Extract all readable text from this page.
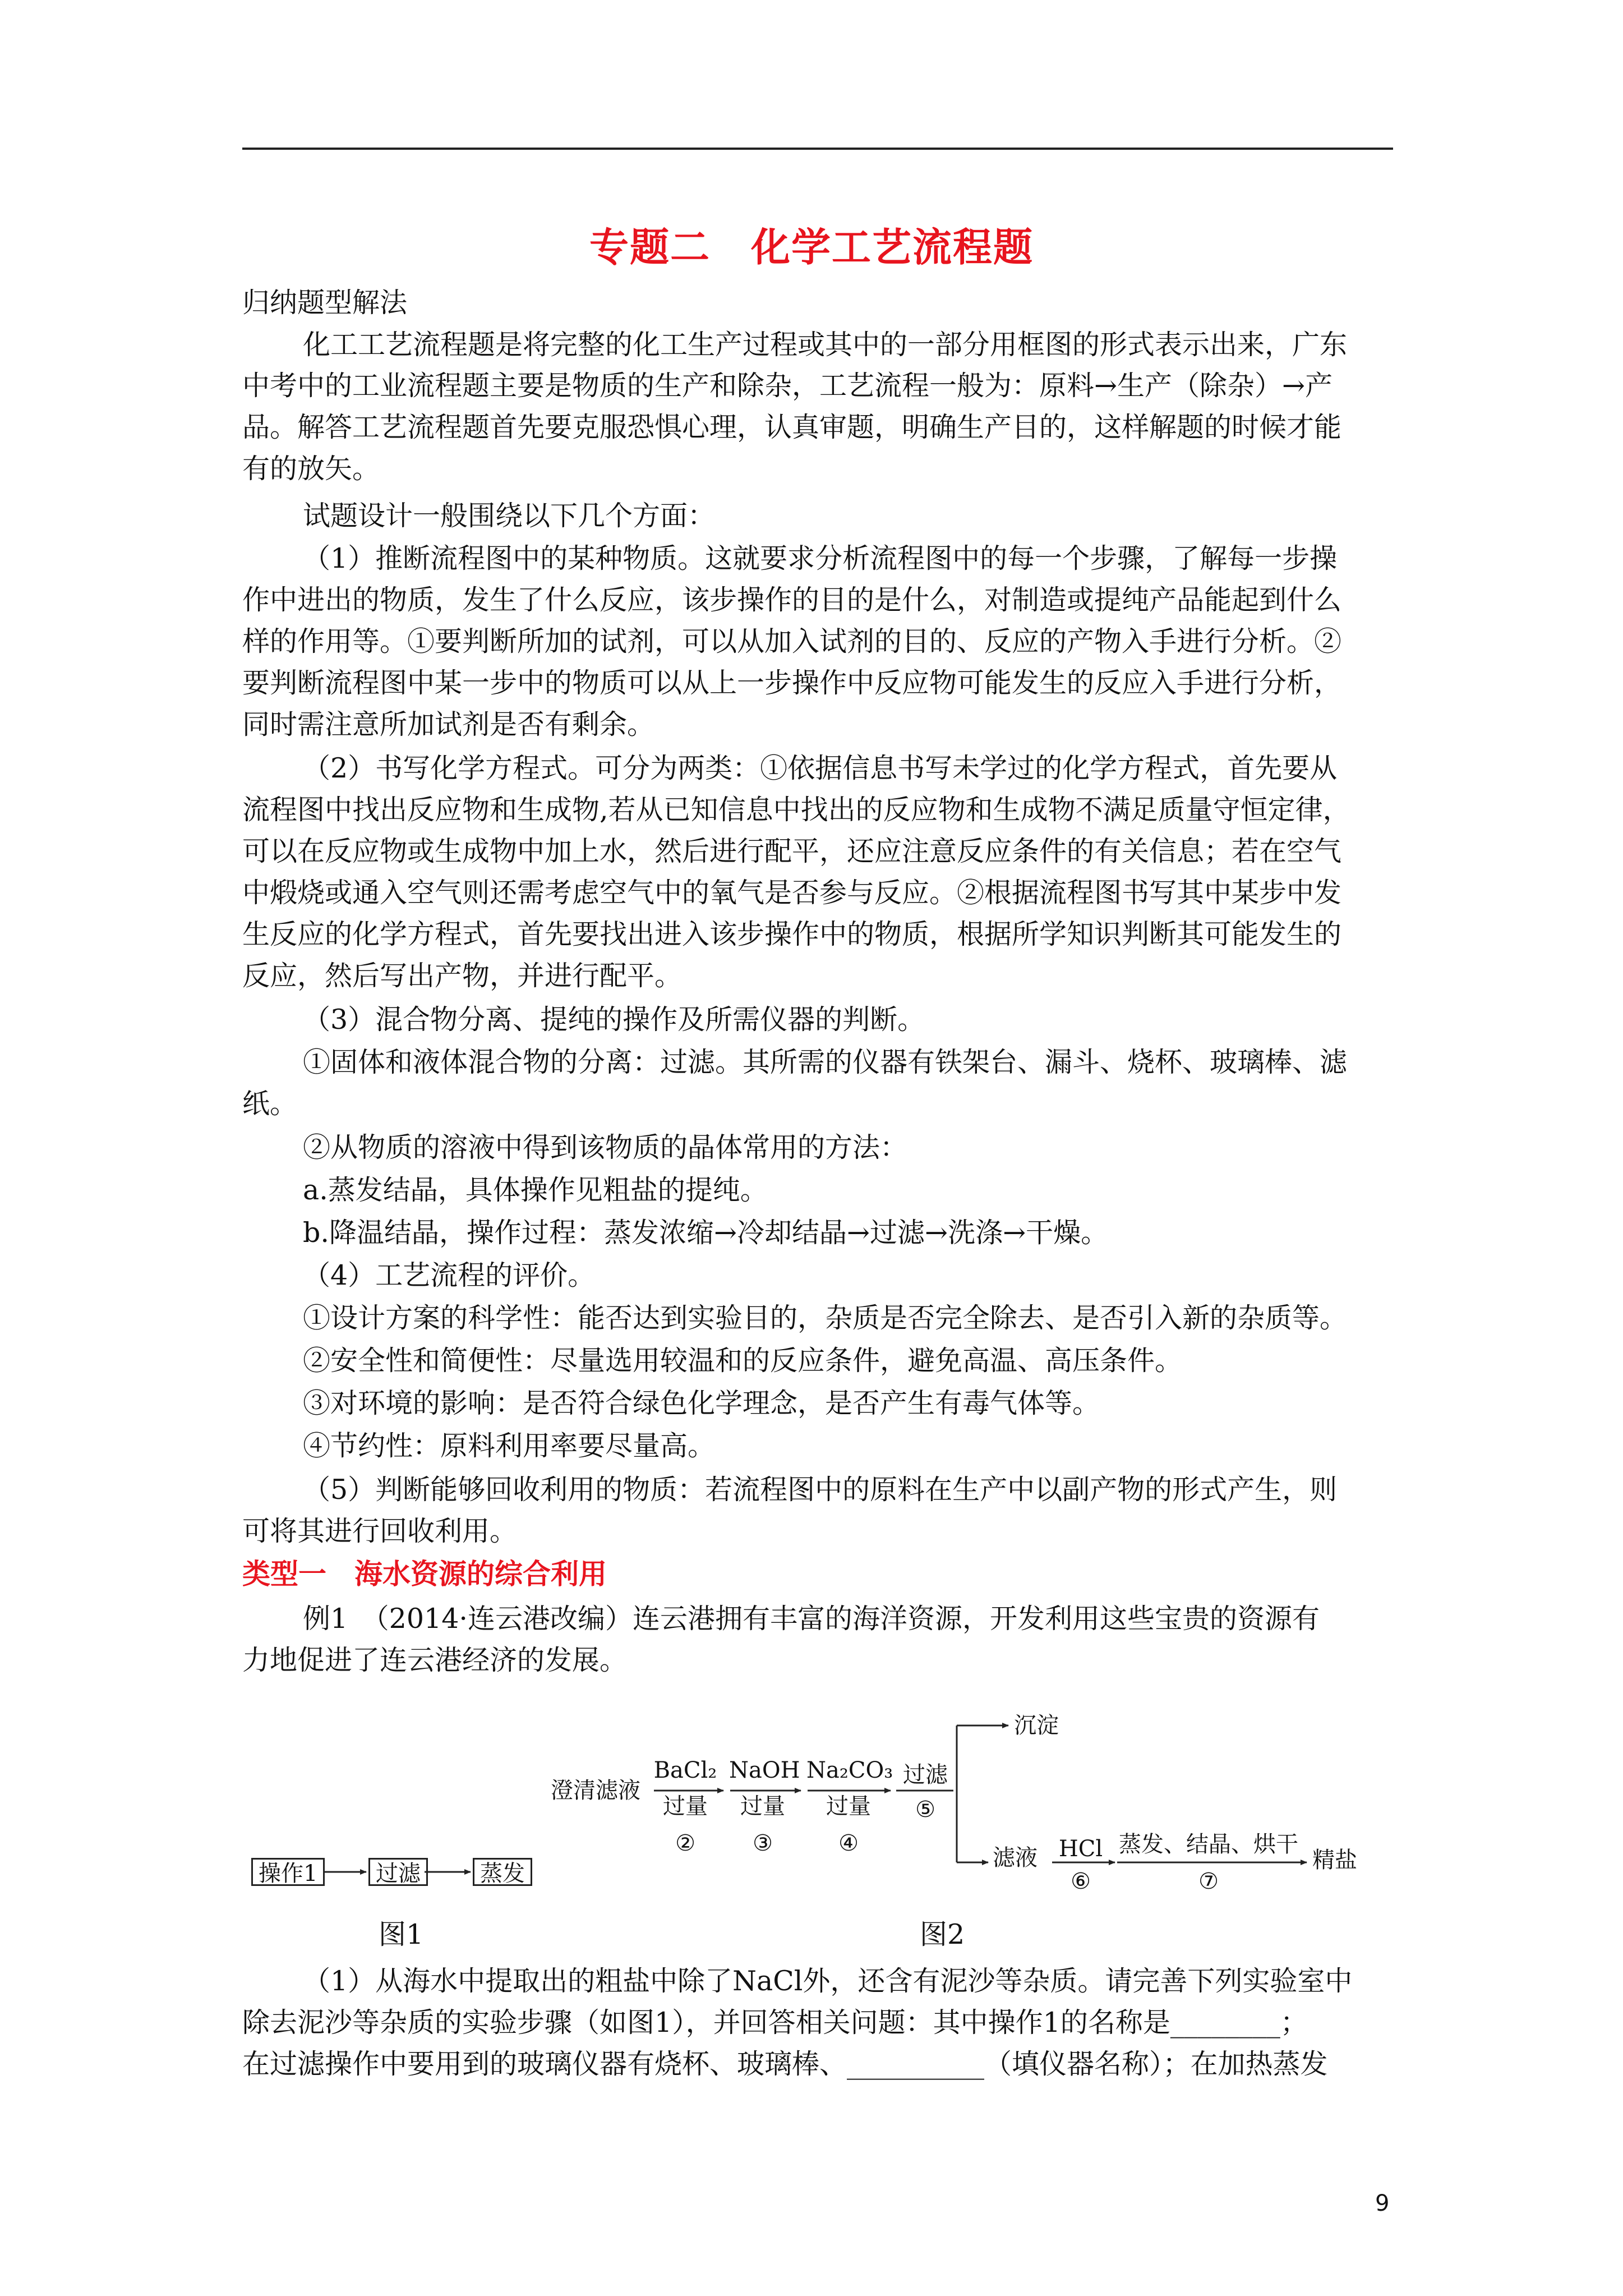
专题二　化学工艺流程题
归纳题型解法
化工工艺流程题是将完整的化工生产过程或其中的一部分用框图的形式表示出来，广东
中考中的工业流程题主要是物质的生产和除杂，工艺流程一般为：原料→生产（除杂）→产
品。解答工艺流程题首先要克服恐惧心理，认真审题，明确生产目的，这样解题的时候才能
有的放矢。
试题设计一般围绕以下几个方面：
（1）推断流程图中的某种物质。这就要求分析流程图中的每一个步骤，了解每一步操
作中进出的物质，发生了什么反应，该步操作的目的是什么，对制造或提纯产品能起到什么
样的作用等。①要判断所加的试剂，可以从加入试剂的目的、反应的产物入手进行分析。②
要判断流程图中某一步中的物质可以从上一步操作中反应物可能发生的反应入手进行分析，
同时需注意所加试剂是否有剩余。
（2）书写化学方程式。可分为两类：①依据信息书写未学过的化学方程式，首先要从
流程图中找出反应物和生成物,若从已知信息中找出的反应物和生成物不满足质量守恒定律，
可以在反应物或生成物中加上水，然后进行配平，还应注意反应条件的有关信息；若在空气
中煅烧或通入空气则还需考虑空气中的氧气是否参与反应。②根据流程图书写其中某步中发
生反应的化学方程式，首先要找出进入该步操作中的物质，根据所学知识判断其可能发生的
反应，然后写出产物，并进行配平。
（3）混合物分离、提纯的操作及所需仪器的判断。
①固体和液体混合物的分离：过滤。其所需的仪器有铁架台、漏斗、烧杯、玻璃棒、滤
纸。
②从物质的溶液中得到该物质的晶体常用的方法：
a.蒸发结晶，具体操作见粗盐的提纯。
b.降温结晶，操作过程：蒸发浓缩→冷却结晶→过滤→洗涤→干燥。
（4）工艺流程的评价。
①设计方案的科学性：能否达到实验目的，杂质是否完全除去、是否引入新的杂质等。
②安全性和简便性：尽量选用较温和的反应条件，避免高温、高压条件。
③对环境的影响：是否符合绿色化学理念，是否产生有毒气体等。
④节约性：原料利用率要尽量高。
（5）判断能够回收利用的物质：若流程图中的原料在生产中以副产物的形式产生，则
可将其进行回收利用。
类型一　海水资源的综合利用
例1　（2014·连云港改编）连云港拥有丰富的海洋资源，开发利用这些宝贵的资源有
力地促进了连云港经济的发展。
操作1	过滤	蒸发
图1
澄清滤液
BaCl₂
过量
②
NaOH
过量
③
Na₂CO₃
过量
④
过滤
⑤
沉淀
滤液 HCl
⑥
蒸发、结晶、烘干
⑦
精盐
图2
（1）从海水中提取出的粗盐中除了NaCl外，还含有泥沙等杂质。请完善下列实验室中
除去泥沙等杂质的实验步骤（如图1），并回答相关问题：其中操作1的名称是________；
在过滤操作中要用到的玻璃仪器有烧杯、玻璃棒、__________（填仪器名称）；在加热蒸发
9
